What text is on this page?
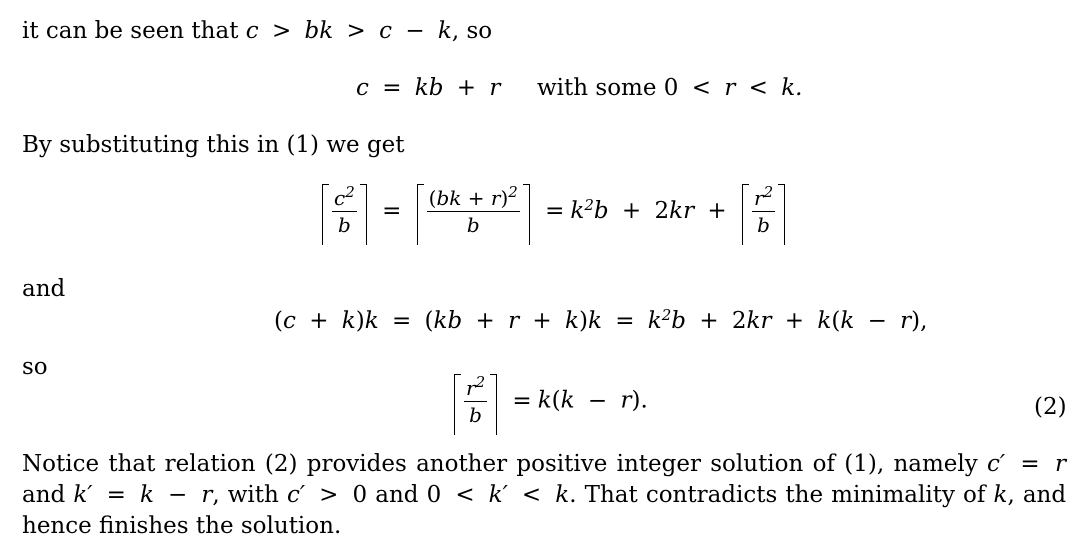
it can be seen that c > bk > c − k, so
c = kb + r with some 0 < r < k.
By substituting this in (1) we get
$\frac{c^2}{b} = \frac{(bk + r)^2}{b} = k^2b + 2kr + \frac{r^2}{b}$
and
$(c + k)k = (kb + r + k)k = k^2b + 2kr + k(k - r)$,
so
$\frac{r^2}{b} = k(k - r)$.	(2)
Notice that relation (2) provides another positive integer solution of (1), namely c′ = r and k′ = k − r, with c′ > 0 and 0 < k′ < k. That contradicts the minimality of k, and hence finishes the solution.
